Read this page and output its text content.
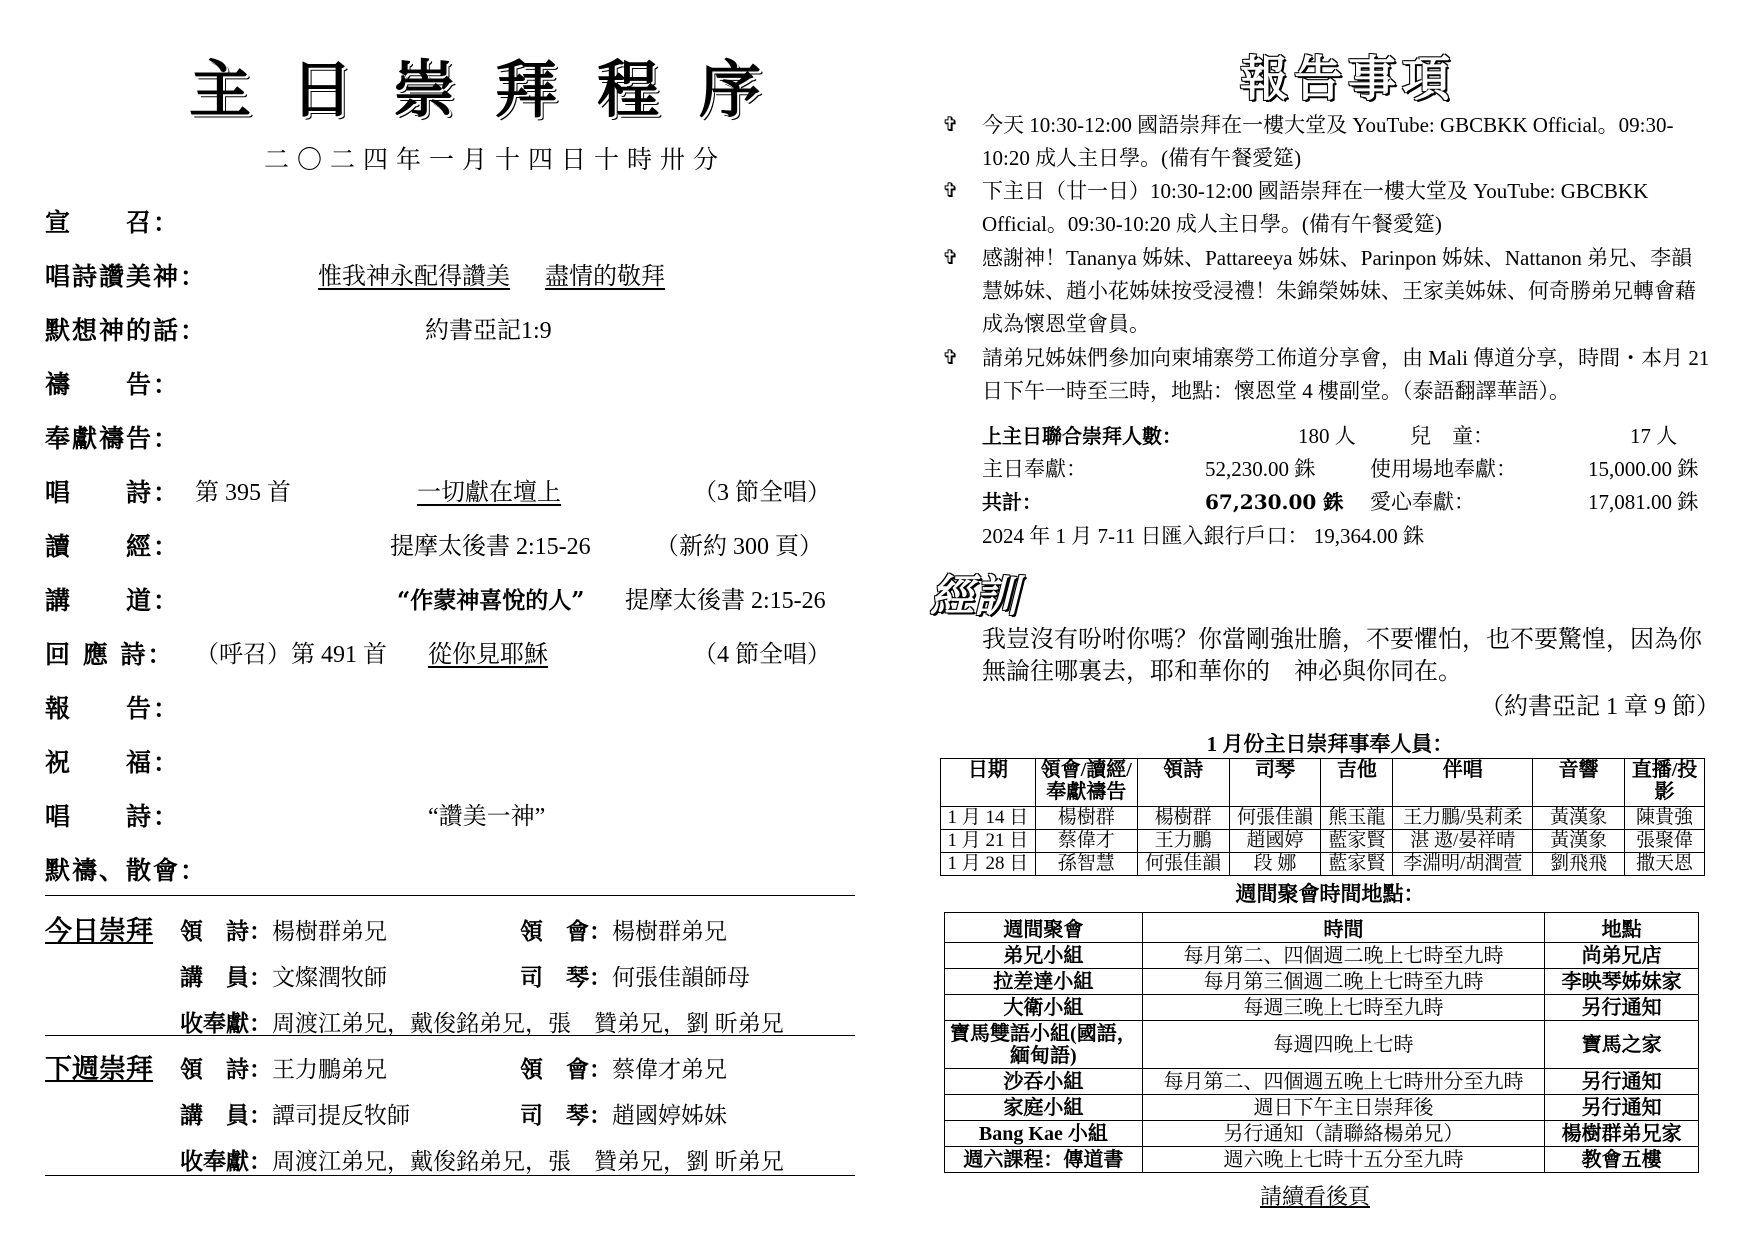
主日崇拜程序
二〇二四年一月十四日十時卅分
宣　　召：
唱詩讚美神：	惟我神永配得讚美 盡情的敬拜
默想神的話：	約書亞記1:9
禱　　告：
奉獻禱告：
唱　　詩： 第 395 首	一切獻在壇上	（3 節全唱）
讀　　經：	提摩太後書 2:15-26	（新約 300 頁）
講　　道：	“作蒙神喜悅的人” 提摩太後書 2:15-26
回 應 詩： （呼召）第 491 首 從你見耶穌	（4 節全唱）
報　　告：
祝　　福：
唱　　詩：	“讚美一神”
默禱、散會：
今日崇拜 領　詩：楊樹群弟兄	領　會：楊樹群弟兄
講　員：文燦潤牧師	司　琴：何張佳韻師母
收奉獻：周渡江弟兄，戴俊銘弟兄，張　贊弟兄，劉 昕弟兄
下週崇拜 領　詩：王力鵬弟兄	領　會：蔡偉才弟兄
講　員：譚司提反牧師	司　琴：趙國婷姊妹
收奉獻：周渡江弟兄，戴俊銘弟兄，張　贊弟兄，劉 昕弟兄
報告事項
✞ 今天 10:30-12:00 國語崇拜在一樓大堂及 YouTube: GBCBKK Official。09:30-10:20 成人主日學。(備有午餐愛筵)
✞ 下主日（廿一日）10:30-12:00 國語崇拜在一樓大堂及 YouTube: GBCBKK Official。09:30-10:20 成人主日學。(備有午餐愛筵)
✞ 感謝神！Tananya 姊妹、Pattareeya 姊妹、Parinpon 姊妹、Nattanon 弟兄、李韻慧姊妹、趙小花姊妹按受浸禮！朱錦榮姊妹、王家美姊妹、何奇勝弟兄轉會藉成為懷恩堂會員。
✞ 請弟兄姊妹們參加向柬埔寨勞工佈道分享會，由 Mali 傳道分享，時間・本月 21 日下午一時至三時，地點：懷恩堂 4 樓副堂。（泰語翻譯華語）。
上主日聯合崇拜人數：	180 人	兒　童：	17 人
主日奉獻：	52,230.00 銖	使用場地奉獻：	15,000.00 銖
共計：	67,230.00 銖 愛心奉獻：	17,081.00 銖
2024 年 1 月 7-11 日匯入銀行戶口： 19,364.00 銖
經訓
我豈沒有吩咐你嗎？你當剛強壯膽，不要懼怕，也不要驚惶，因為你無論往哪裏去，耶和華你的　神必與你同在。
（約書亞記 1 章 9 節）
1 月份主日崇拜事奉人員：
日期	領會/讀經/奉獻禱告	領詩	司琴	吉他	伴唱	音響	直播/投影
1 月 14 日	楊樹群	楊樹群	何張佳韻	熊玉龍	王力鵬/吳莉柔	黃漢象	陳貴強
1 月 21 日	蔡偉才	王力鵬	趙國婷	藍家賢	湛 遨/晏祥晴	黃漢象	張聚偉
1 月 28 日	孫智慧	何張佳韻	段 娜	藍家賢	李淵明/胡潤萱	劉飛飛	撒天恩
週間聚會時間地點：
週間聚會	時間	地點
弟兄小組	每月第二、四個週二晚上七時至九時	尚弟兄店
拉差達小組	每月第三個週二晚上七時至九時	李映琴姊妹家
大衛小組	每週三晚上七時至九時	另行通知
寶馬雙語小組(國語，緬甸語)	每週四晚上七時	寶馬之家
沙吞小組	每月第二、四個週五晚上七時卅分至九時	另行通知
家庭小組	週日下午主日崇拜後	另行通知
Bang Kae 小組	另行通知（請聯絡楊弟兄）	楊樹群弟兄家
週六課程：傳道書	週六晚上七時十五分至九時	教會五樓
請續看後頁
